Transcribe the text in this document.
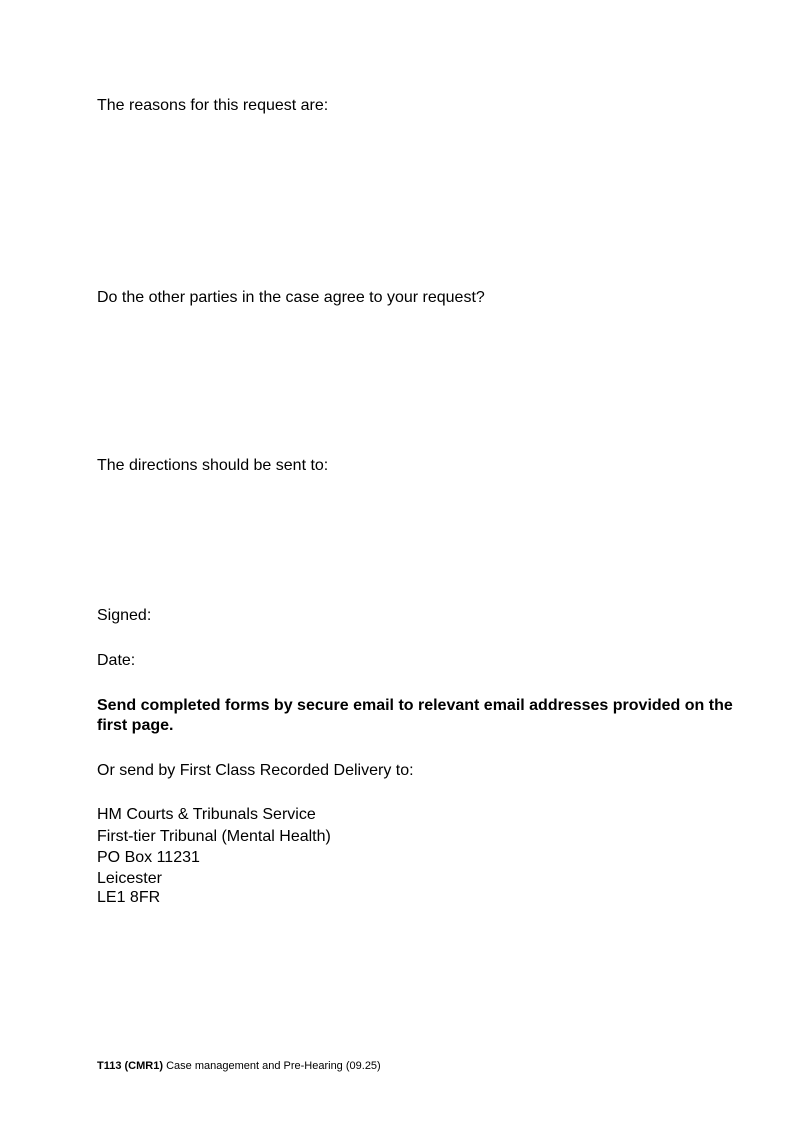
The reasons for this request are:
Do the other parties in the case agree to your request?
The directions should be sent to:
Signed:
Date:
Send completed forms by secure email to relevant email addresses provided on the first page.
Or send by First Class Recorded Delivery to:
HM Courts & Tribunals Service
First-tier Tribunal (Mental Health)
PO Box 11231
Leicester
LE1 8FR
T113 (CMR1) Case management and Pre-Hearing (09.25)
